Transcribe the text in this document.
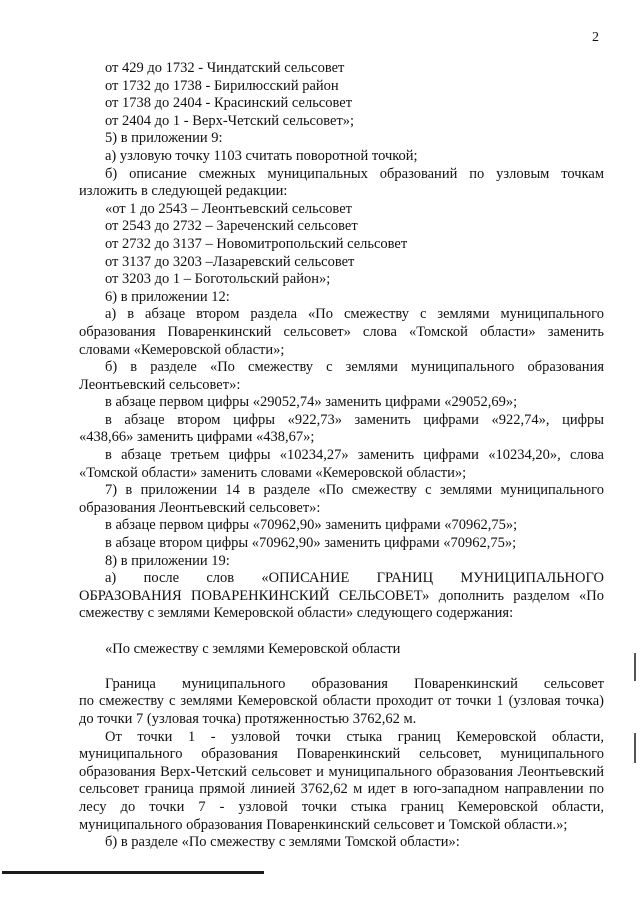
2
от 429 до 1732 - Чиндатский сельсовет
от 1732 до 1738 - Бирилюсский район
от 1738 до 2404 - Красинский сельсовет
от 2404 до 1 - Верх-Четский сельсовет»;
5) в приложении 9:
а) узловую точку 1103 считать поворотной точкой;
б) описание смежных муниципальных образований по узловым точкам
изложить в следующей редакции:
«от 1 до 2543 – Леонтьевский сельсовет
от 2543 до 2732 – Зареченский сельсовет
от 2732 до 3137 – Новомитропольский сельсовет
от 3137 до 3203 –Лазаревский сельсовет
от 3203 до 1 – Боготольский район»;
6) в приложении 12:
а) в абзаце втором раздела «По смежеству с землями муниципального
образования Поваренкинский сельсовет» слова «Томской области» заменить
словами «Кемеровской области»;
б) в разделе «По смежеству с землями муниципального образования
Леонтьевский сельсовет»:
в абзаце первом цифры «29052,74» заменить цифрами «29052,69»;
в абзаце втором цифры «922,73» заменить цифрами «922,74», цифры
«438,66» заменить цифрами «438,67»;
в абзаце третьем цифры «10234,27» заменить цифрами «10234,20», слова
«Томской области» заменить словами «Кемеровской области»;
7) в приложении 14 в разделе «По смежеству с землями муниципального
образования Леонтьевский сельсовет»:
в абзаце первом цифры «70962,90» заменить цифрами «70962,75»;
в абзаце втором цифры «70962,90» заменить цифрами «70962,75»;
8) в приложении 19:
а) после слов «ОПИСАНИЕ ГРАНИЦ МУНИЦИПАЛЬНОГО
ОБРАЗОВАНИЯ ПОВАРЕНКИНСКИЙ СЕЛЬСОВЕТ» дополнить разделом «По
смежеству с землями Кемеровской области» следующего содержания:
«По смежеству с землями Кемеровской области
Граница муниципального образования Поваренкинский сельсовет
по смежеству с землями Кемеровской области проходит от точки 1 (узловая точка)
до точки 7 (узловая точка) протяженностью 3762,62 м.
От точки 1 - узловой точки стыка границ Кемеровской области,
муниципального образования Поваренкинский сельсовет, муниципального
образования Верх-Четский сельсовет и муниципального образования Леонтьевский
сельсовет граница прямой линией 3762,62 м идет в юго-западном направлении по
лесу до точки 7 - узловой точки стыка границ Кемеровской области,
муниципального образования Поваренкинский сельсовет и Томской области.»;
б) в разделе «По смежеству с землями Томской области»:
